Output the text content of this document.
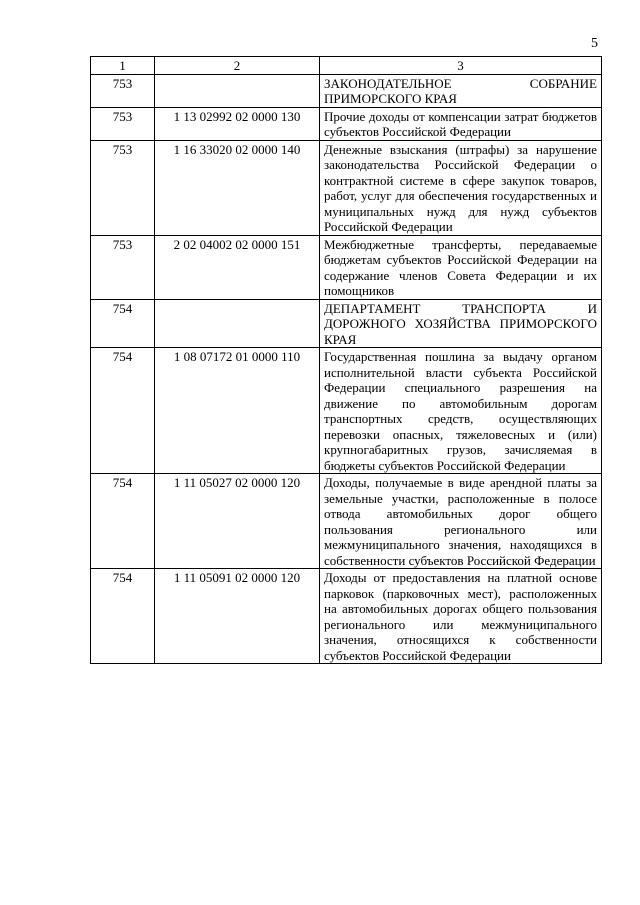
5
1	2	3
753		ЗАКОНОДАТЕЛЬНОЕ СОБРАНИЕ ПРИМОРСКОГО КРАЯ

753	1 13 02992 02 0000 130	Прочие доходы от компенсации затрат бюджетов субъектов Российской Федерации

753	1 16 33020 02 0000 140	Денежные взыскания (штрафы) за нарушение законодательства Российской Федерации о контрактной системе в сфере закупок товаров, работ, услуг для обеспечения государственных и муниципальных нужд для нужд субъектов Российской Федерации

753	2 02 04002 02 0000 151	Межбюджетные трансферты, передаваемые бюджетам субъектов Российской Федерации на содержание членов Совета Федерации и их помощников

754		ДЕПАРТАМЕНТ ТРАНСПОРТА И ДОРОЖНОГО ХОЗЯЙСТВА ПРИМОРСКОГО КРАЯ

754	1 08 07172 01 0000 110	Государственная пошлина за выдачу органом исполнительной власти субъекта Российской Федерации специального разрешения на движение по автомобильным дорогам транспортных средств, осуществляющих перевозки опасных, тяжеловесных и (или) крупногабаритных грузов, зачисляемая в бюджеты субъектов Российской Федерации

754	1 11 05027 02 0000 120	Доходы, получаемые в виде арендной платы за земельные участки, расположенные в полосе отвода автомобильных дорог общего пользования регионального или межмуниципального значения, находящихся в собственности субъектов Российской Федерации

754	1 11 05091 02 0000 120	Доходы от предоставления на платной основе парковок (парковочных мест), расположенных на автомобильных дорогах общего пользования регионального или межмуниципального значения, относящихся к собственности субъектов Российской Федерации
